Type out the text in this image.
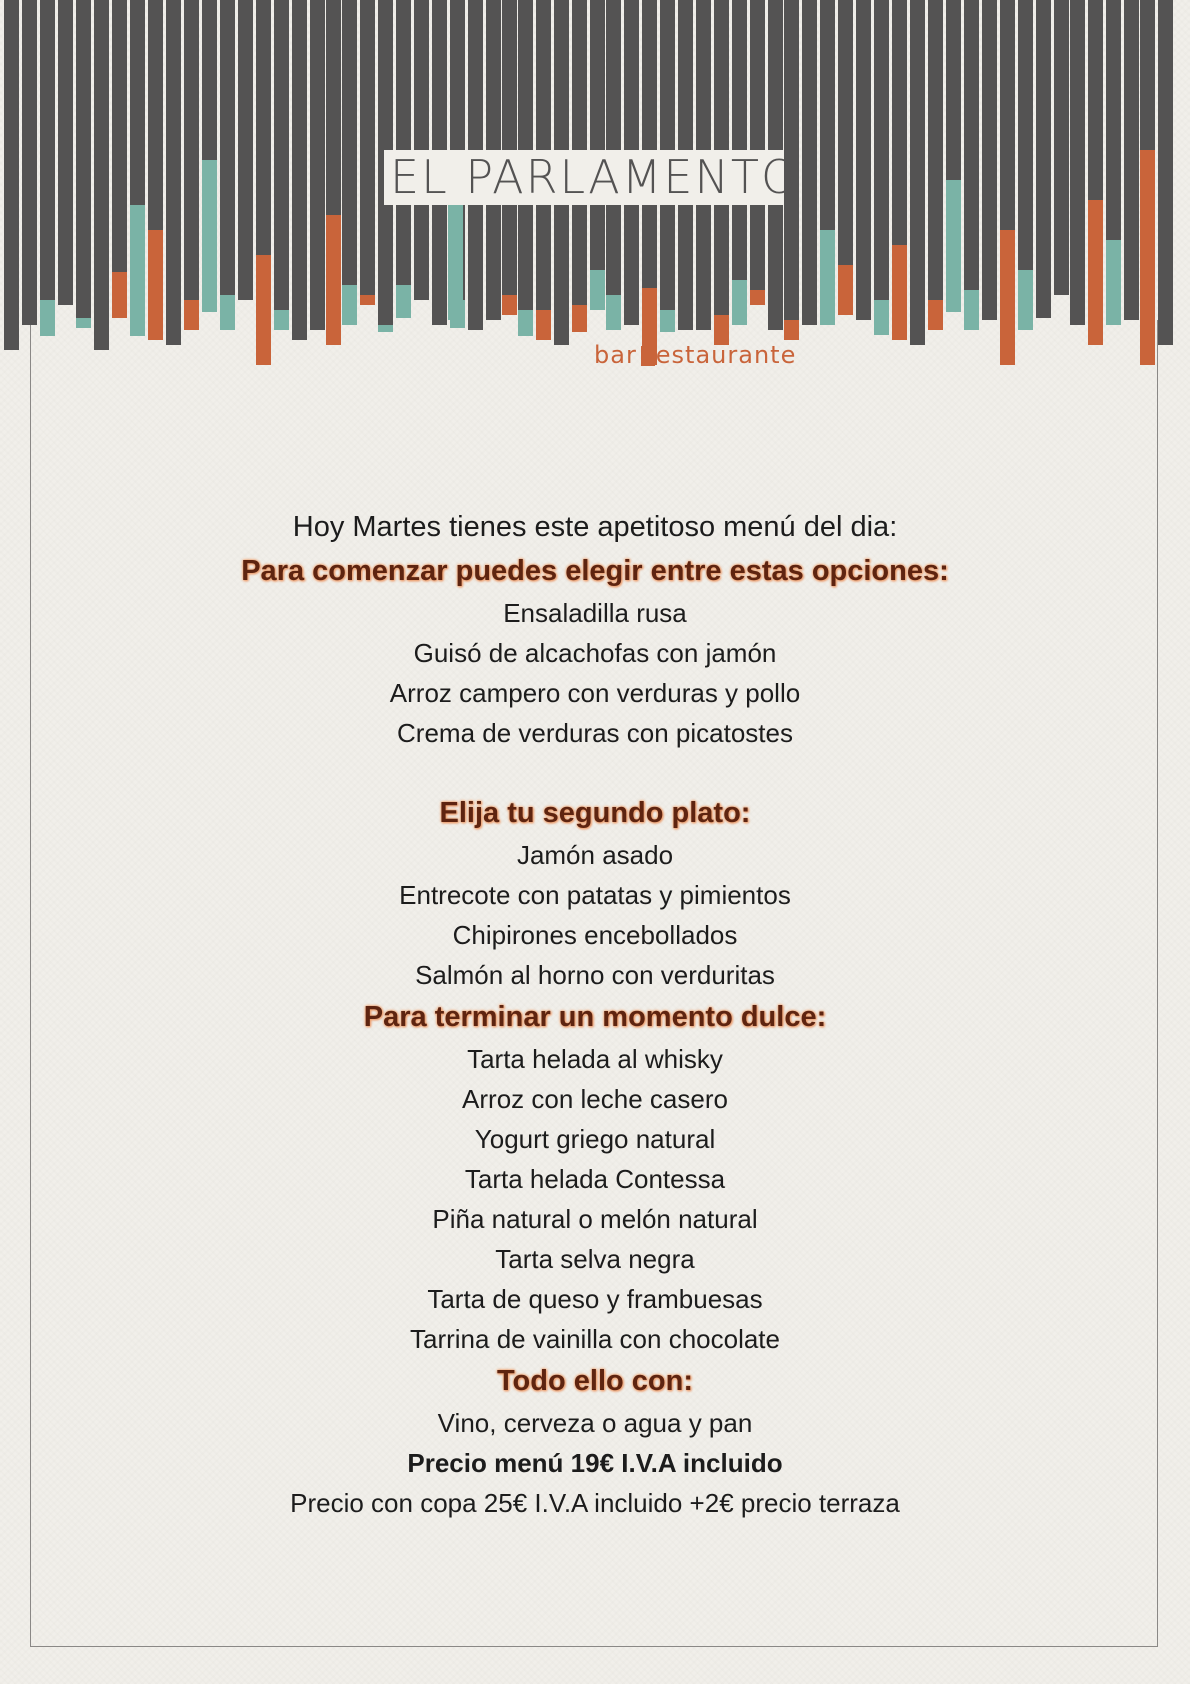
EL PARLAMENTO
bar restaurante
Hoy Martes tienes este apetitoso menú del dia:
Para comenzar puedes elegir entre estas opciones:
Ensaladilla rusa
Guisó de alcachofas con jamón
Arroz campero con verduras y pollo
Crema de verduras con picatostes
Elija tu segundo plato:
Jamón asado
Entrecote con patatas y pimientos
Chipirones encebollados
Salmón al horno con verduritas
Para terminar un momento dulce:
Tarta helada al whisky
Arroz con leche casero
Yogurt griego natural
Tarta helada Contessa
Piña natural o melón natural
Tarta selva negra
Tarta de queso y frambuesas
Tarrina de vainilla con chocolate
Todo ello con:
Vino, cerveza o agua y pan
Precio menú 19€ I.V.A incluido
Precio con copa 25€ I.V.A incluido +2€ precio terraza
